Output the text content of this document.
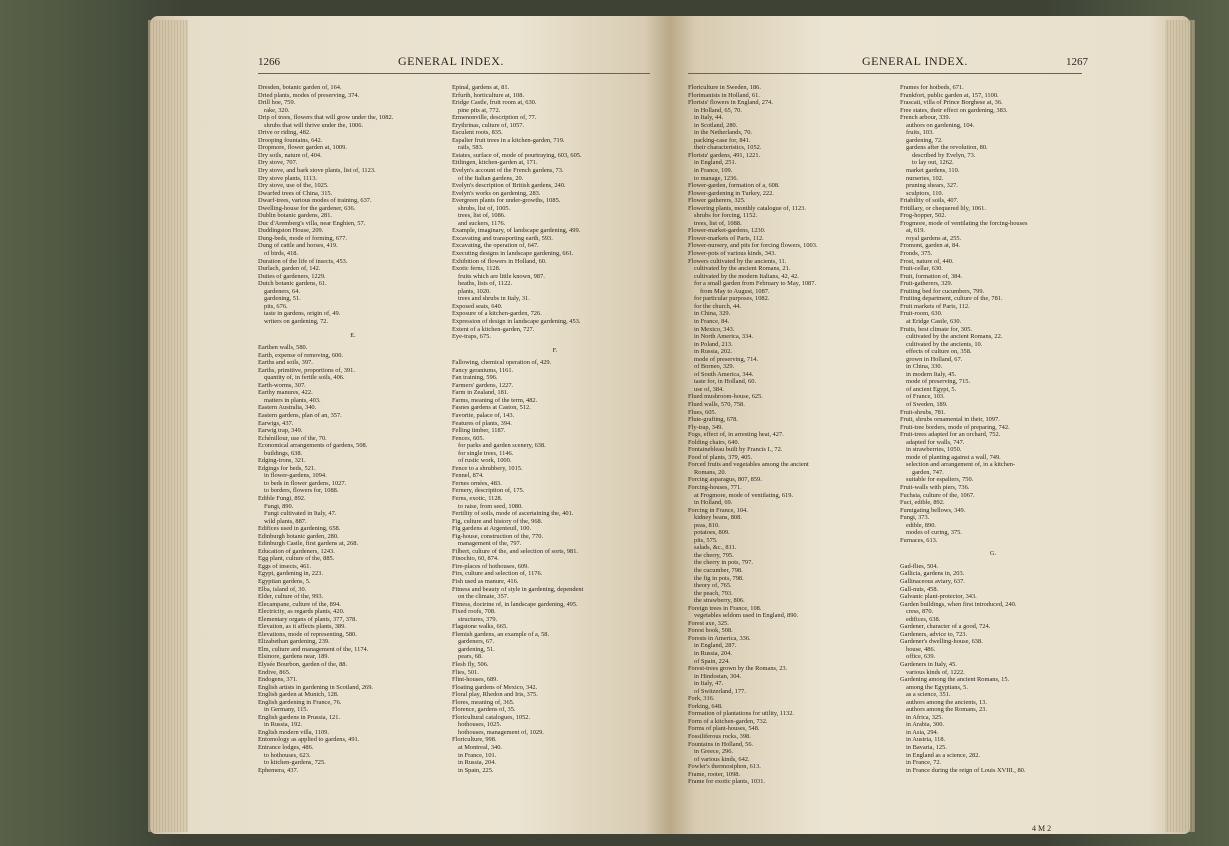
1266	GENERAL INDEX.	1267
GENERAL INDEX.
Dresden, botanic garden of, 164.
Dried plants, modes of preserving, 374.
Drill hoe, 759.
rake, 320.
Drip of trees, flowers that will grow under the, 1082.
shrubs that will thrive under the, 1006.
Drive or riding, 482.
Drooping fountains, 642.
Dropmore, flower garden at, 1009.
Dry soils, nature of, 404.
Dry stove, 707.
Dry stove, and bark stove plants, list of, 1123.
Dry stove plants, 1113.
Dry stove, use of the, 1025.
Dwarfed trees of China, 315.
Dwarf-trees, various modes of training, 637.
Dwelling-house for the gardener, 636.
Dublin botanic gardens, 281.
Duc d'Aremberg's villa, near Enghien, 57.
Duddingston House, 209.
Dung-beds, mode of forming, 677.
Dung of cattle and horses, 419.
of birds, 418.
Duration of the life of insects, 453.
Durlach, garden of, 142.
Duties of gardeners, 1229.
Dutch botanic gardens, 61.
gardeners, 64.
gardening, 51.
pits, 676.
taste in gardens, origin of, 49.
writers on gardening, 72.

E.

Earthen walls, 580.
Earth, expense of removing, 600.
Earths and soils, 397.
Earths, primitive, proportions of, 391.
quantity of, in fertile soils, 406.
Earth-worms, 307.
Earthy manures, 422.
matters in plants, 403.
Eastern Australia, 340.
Eastern gardens, plan of an, 357.
Earwigs, 437.
Earwig trap, 349.
Echénillour, use of the, 70.
Economical arrangements of gardens, 508.
buildings, 638.
Edging-irons, 321.
Edgings for beds, 521.
in flower-gardens, 1094.
to beds in flower gardens, 1027.
to borders, flowers for, 1088.
Edible Fungi, 892.
Fungi, 890.
Fungi cultivated in Italy, 47.
wild plants, 887.
Edifices used in gardening, 658.
Edinburgh botanic garden, 280.
Edinburgh Castle, first gardens at, 268.
Education of gardeners, 1243.
Egg plant, culture of the, 885.
Eggs of insects, 461.
Egypt, gardening in, 223.
Egyptian gardens, 5.
Elba, island of, 30.
Elder, culture of the, 993.
Elecampane, culture of the, 894.
Electricity, as regards plants, 420.
Elementary organs of plants, 377, 378.
Elevation, as it affects plants, 389.
Elevations, mode of representing, 580.
Elizabethan gardening, 239.
Elm, culture and management of the, 1174.
Elsinore, gardens near, 189.
Elysée Bourbon, garden of the, 88.
Endive, 865.
Endogens, 371.
English artists in gardening in Scotland, 269.
English garden at Munich, 128.
English gardening in France, 76.
in Germany, 115.
English gardens in Prussia, 121.
in Russia, 192.
English modern villa, 1109.
Entomology as applied to gardens, 491.
Entrance lodges, 486.
to hothouses, 623.
to kitchen-gardens, 725.
Ephemera, 437.
Epinal, gardens at, 81.
Erfurth, horticulture at, 108.
Eridge Castle, fruit room at, 630.
pine pits at, 772.
Ermenonville, description of, 77.
Erythrinas, culture of, 1057.
Esculent roots, 835.
Espalier fruit trees in a kitchen-garden, 719.
rails, 583.
Estates, surface of, mode of pourtraying, 603, 605.
Ettlingen, kitchen-garden at, 171.
Evelyn's account of the French gardens, 73.
of the Italian gardens, 20.
Evelyn's description of British gardens, 240.
Evelyn's works on gardening, 283.
Evergreen plants for under-growths, 1085.
shrubs, list of, 1005.
trees, list of, 1086.
and suckers, 1176.
Example, imaginary, of landscape gardening, 499.
Excavating and transporting earth, 593.
Excavating, the operation of, 647.
Executing designs in landscape gardening, 661.
Exhibition of flowers in Holland, 60.
Exotic ferns, 1128.
fruits which are little known, 987.
heaths, lists of, 1122.
plants, 1020.
trees and shrubs in Italy, 31.
Exposed seats, 640.
Exposure of a kitchen-garden, 726.
Expression of design in landscape gardening, 453.
Extent of a kitchen-garden, 727.
Eye-traps, 675.

F.

Fallowing, chemical operation of, 429.
Fancy geraniums, 1161.
Fan training, 596.
Farmers' gardens, 1227.
Farm in Zealand, 181.
Farms, meaning of the term, 482.
Fasnes gardens at Caston, 512.
Favorite, palace of, 143.
Features of plants, 394.
Felling timber, 1187.
Fences, 605.
for parks and garden scenery, 638.
for single trees, 1146.
of rustic work, 1000.
Fence to a shrubbery, 1015.
Fennel, 874.
Fernes ornées, 483.
Fernery, description of, 175.
Ferns, exotic, 1128.
to raise, from seed, 1080.
Fertility of soils, mode of ascertaining the, 401.
Fig, culture and history of the, 968.
Fig gardens at Argenteuil, 100.
Fig-house, construction of the, 770.
management of the, 797.
Filbert, culture of the, and selection of sorts, 981.
Finochio, 60, 874.
Fire-places of hothouses, 609.
Firs, culture and selection of, 1176.
Fish used as manure, 416.
Fitness and beauty of style in gardening, dependent
on the climate, 357.
Fitness, doctrine of, in landscape gardening, 495.
Fixed roofs, 708.
structures, 379.
Flagstone walks, 665.
Flemish gardens, an example of a, 58.
gardeners, 67.
gardening, 51.
pears, 68.
Flesh fly, 506.
Flies, 501.
Flint-houses, 689.
Floating gardens of Mexico, 342.
Floral play, Rhedon and Iris, 375.
Flores, meaning of, 365.
Florence, gardens of, 35.
Floricultural catalogues, 1052.
hothouses, 1025.
hothouses, management of, 1029.
Floriculture, 998.
at Montreal, 340.
in France, 101.
in Russia, 204.
in Spain, 225.
Floriculture in Sweden, 186.
Florimanists in Holland, 61.
Florists' flowers in England, 274.
in Holland, 65, 70.
in Italy, 44.
in Scotland, 280.
in the Netherlands, 70.
packing-case for, 841.
their characteristics, 1052.
Florists' gardens, 491, 1221.
in England, 251.
in France, 109.
to manage, 1236.
Flower-garden, formation of a, 608.
Flower-gardening in Turkey, 222.
Flower gatherers, 325.
Flowering plants, monthly catalogue of, 1123.
shrubs for forcing, 1152.
trees, list of, 1088.
Flower-market-gardens, 1230.
Flower-markets of Paris, 112.
Flower-nursery, and pits for forcing flowers, 1003.
Flower-pots of various kinds, 343.
Flowers cultivated by the ancients, 11.
cultivated by the ancient Romans, 21.
cultivated by the modern Italians, 42, 42.
for a small garden from February to May, 1087.
from May to August, 1087.
for particular purposes, 1082.
for the church, 44.
in China, 329.
in France, 84.
in Mexico, 343.
in North America, 334.
in Poland, 213.
in Russia, 202.
mode of preserving, 714.
of Borneo, 329.
of South America, 344.
taste for, in Holland, 60.
use of, 384.
Flued mushroom-house, 625.
Flued walls, 570, 758.
Flues, 605.
Flute-grafting, 678.
Fly-trap, 349.
Fogs, effect of, in arresting heat, 427.
Folding chairs, 640.
Fontainebleau built by Francis I., 72.
Food of plants, 379, 405.
Forced fruits and vegetables among the ancient
Romans, 20.
Forcing asparagus, 807, 859.
Forcing-houses, 771.
at Frogmore, mode of ventilating, 619.
in Holland, 69.
Forcing in France, 104.
kidney beans, 808.
peas, 810.
potatoes, 809.
pits, 575.
salads, &c., 811.
the cherry, 795.
the cherry in pots, 797.
the cucumber, 798.
the fig in pots, 798.
theory of, 765.
the peach, 793.
the strawberry, 806.
Foreign trees in France, 108.
vegetables seldom used in England, 890.
Forest axe, 325.
Forest book, 508.
Forests in America, 336.
in England, 287.
in Russia, 204.
of Spain, 224.
Forest-trees grown by the Romans, 23.
in Hindostan, 304.
in Italy, 47.
of Switzerland, 177.
Fork, 316.
Forking, 648.
Formation of plantations for utility, 1132.
Form of a kitchen-garden, 732.
Forms of plant-houses, 548.
Fossiliferous rocks, 398.
Fountains in Holland, 56.
in Greece, 296.
of various kinds, 642.
Fowler's thermosiphon, 613.
Frame, rooter, 1098.
Frame for exotic plants, 1031.
Frames for hotbeds, 671.
Frankfort, public garden at, 157, 1100.
Frascati, villa of Prince Borghese at, 36.
Free states, their effect on gardening, 383.
French arbour, 339.
authors on gardening, 104.
fruits, 103.
gardening, 72.
gardens after the revolution, 80.
described by Evelyn, 73.
to lay out, 1262.
market gardens, 110.
nurseries, 102.
pruning shears, 327.
sculptors, 110.
Friability of soils, 407.
Fritillary, or chequered lily, 1061.
Frog-hopper, 502.
Frogmore, mode of ventilating the forcing-houses
at, 619.
royal gardens at, 255.
Fromont, garden at, 84.
Fronds, 375.
Frost, nature of, 440.
Fruit-cellar, 630.
Fruit, formation of, 384.
Fruit-gatherers, 329.
Fruiting bed for cucumbers, 799.
Fruiting department, culture of the, 781.
Fruit markets of Paris, 112.
Fruit-room, 630.
at Eridge Castle, 630.
Fruits, best climate for, 305.
cultivated by the ancient Romans, 22.
cultivated by the ancients, 10.
effects of culture on, 358.
grown in Holland, 67.
in China, 330.
in modern Italy, 45.
mode of preserving, 715.
of ancient Egypt, 5.
of France, 103.
of Sweden, 189.
Fruit-shrubs, 781.
Fruit, shrubs ornamental in their, 1097.
Fruit-tree borders, mode of preparing, 742.
Fruit-trees adapted for an orchard, 752.
adapted for walls, 747.
in strawberries, 1050.
mode of planting against a wall, 749.
selection and arrangement of, in a kitchen-
garden, 747.
suitable for espaliers, 750.
Fruit-walls with piers, 736.
Fuchsia, culture of the, 1067.
Fuci, edible, 892.
Fumigating bellows, 349.
Fungi, 373.
edible, 890.
modes of curing, 375.
Furnaces, 613.

G.

Gad-flies, 504.
Gallicia, gardens in, 203.
Gallinaceous aviary, 637.
Gall-nuts, 458.
Galvanic plant-protector, 343.
Garden buildings, when first introduced, 240.
cress, 870.
edifices, 638.
Gardener, character of a good, 724.
Gardeners, advice to, 723.
Gardener's dwelling-house, 638.
house, 486.
office, 639.
Gardeners in Italy, 45.
various kinds of, 1222.
Gardening among the ancient Romans, 15.
among the Egyptians, 5.
as a science, 351.
authors among the ancients, 13.
authors among the Romans, 23.
in Africa, 325.
in Arabia, 300.
in Asia, 294.
in Austria, 118.
in Bavaria, 125.
in England as a science, 282.
in France, 72.
in France during the reign of Louis XVIII., 80.
4 M 2
